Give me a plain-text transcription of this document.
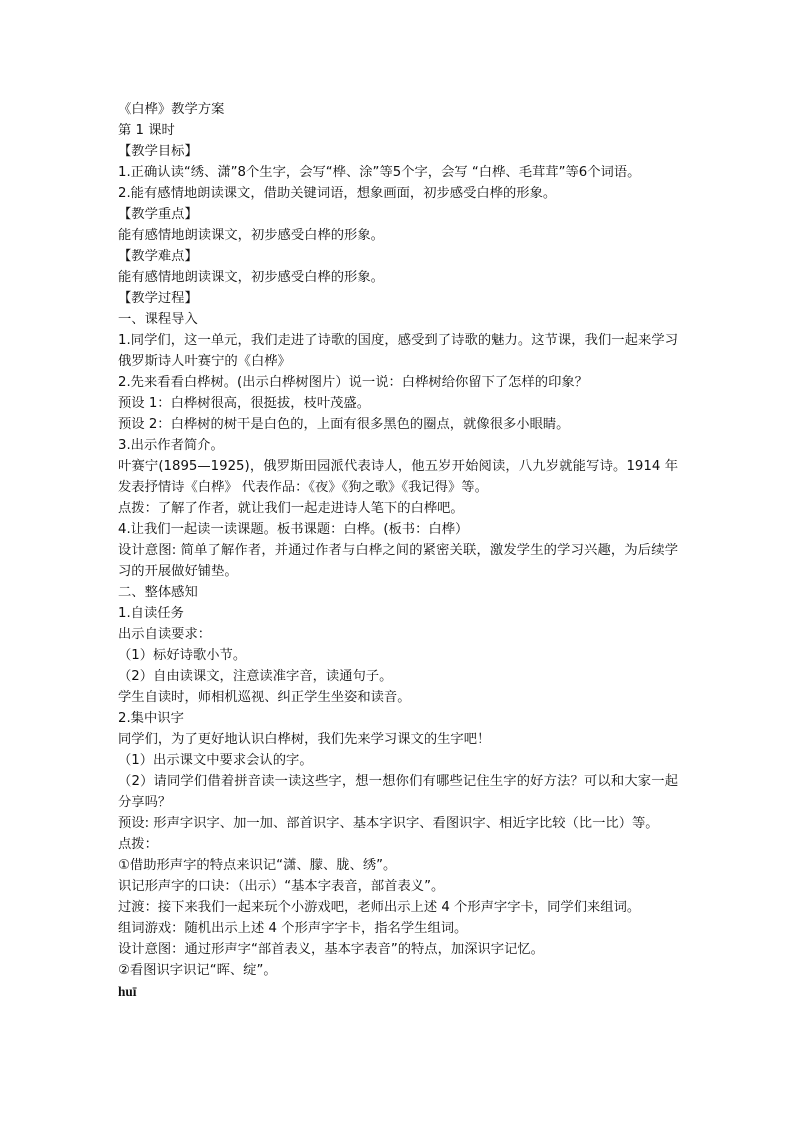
《白桦》教学方案
第 1 课时
【教学目标】
1.正确认读“绣、潇”8个生字，会写“桦、涂”等5个字，会写 “白桦、毛茸茸”等6个词语。
2.能有感情地朗读课文，借助关键词语，想象画面，初步感受白桦的形象。
【教学重点】
能有感情地朗读课文，初步感受白桦的形象。
【教学难点】
能有感情地朗读课文，初步感受白桦的形象。
【教学过程】
一、课程导入
1.同学们，这一单元，我们走进了诗歌的国度，感受到了诗歌的魅力。这节课，我们一起来学习俄罗斯诗人叶赛宁的《白桦》
2.先来看看白桦树。(出示白桦树图片）说一说：白桦树给你留下了怎样的印象？
预设 1：白桦树很高，很挺拔，枝叶茂盛。
预设 2：白桦树的树干是白色的，上面有很多黑色的圈点，就像很多小眼睛。
3.出示作者简介。
叶赛宁(1895—1925)，俄罗斯田园派代表诗人，他五岁开始阅读，八九岁就能写诗。1914 年发表抒情诗《白桦》 代表作品：《夜》《狗之歌》《我记得》等。
点拨：了解了作者，就让我们一起走进诗人笔下的白桦吧。
4.让我们一起读一读课题。板书课题：白桦。(板书：白桦）
设计意图: 简单了解作者，并通过作者与白桦之间的紧密关联，激发学生的学习兴趣，为后续学习的开展做好铺垫。
二、整体感知
1.自读任务
出示自读要求：
（1）标好诗歌小节。
（2）自由读课文，注意读准字音，读通句子。
学生自读时，师相机巡视、纠正学生坐姿和读音。
2.集中识字
同学们，为了更好地认识白桦树，我们先来学习课文的生字吧！
（1）出示课文中要求会认的字。
（2）请同学们借着拼音读一读这些字，想一想你们有哪些记住生字的好方法？可以和大家一起分享吗？
预设: 形声字识字、加一加、部首识字、基本字识字、看图识字、相近字比较（比一比）等。
点拨：
①借助形声字的特点来识记“潇、朦、胧、绣”。
识记形声字的口诀：（出示）“基本字表音，部首表义”。
过渡：接下来我们一起来玩个小游戏吧，老师出示上述 4 个形声字字卡，同学们来组词。
组词游戏：随机出示上述 4 个形声字字卡，指名学生组词。
设计意图：通过形声字“部首表义，基本字表音”的特点，加深识字记忆。
②看图识字识记“晖、绽”。
huī
